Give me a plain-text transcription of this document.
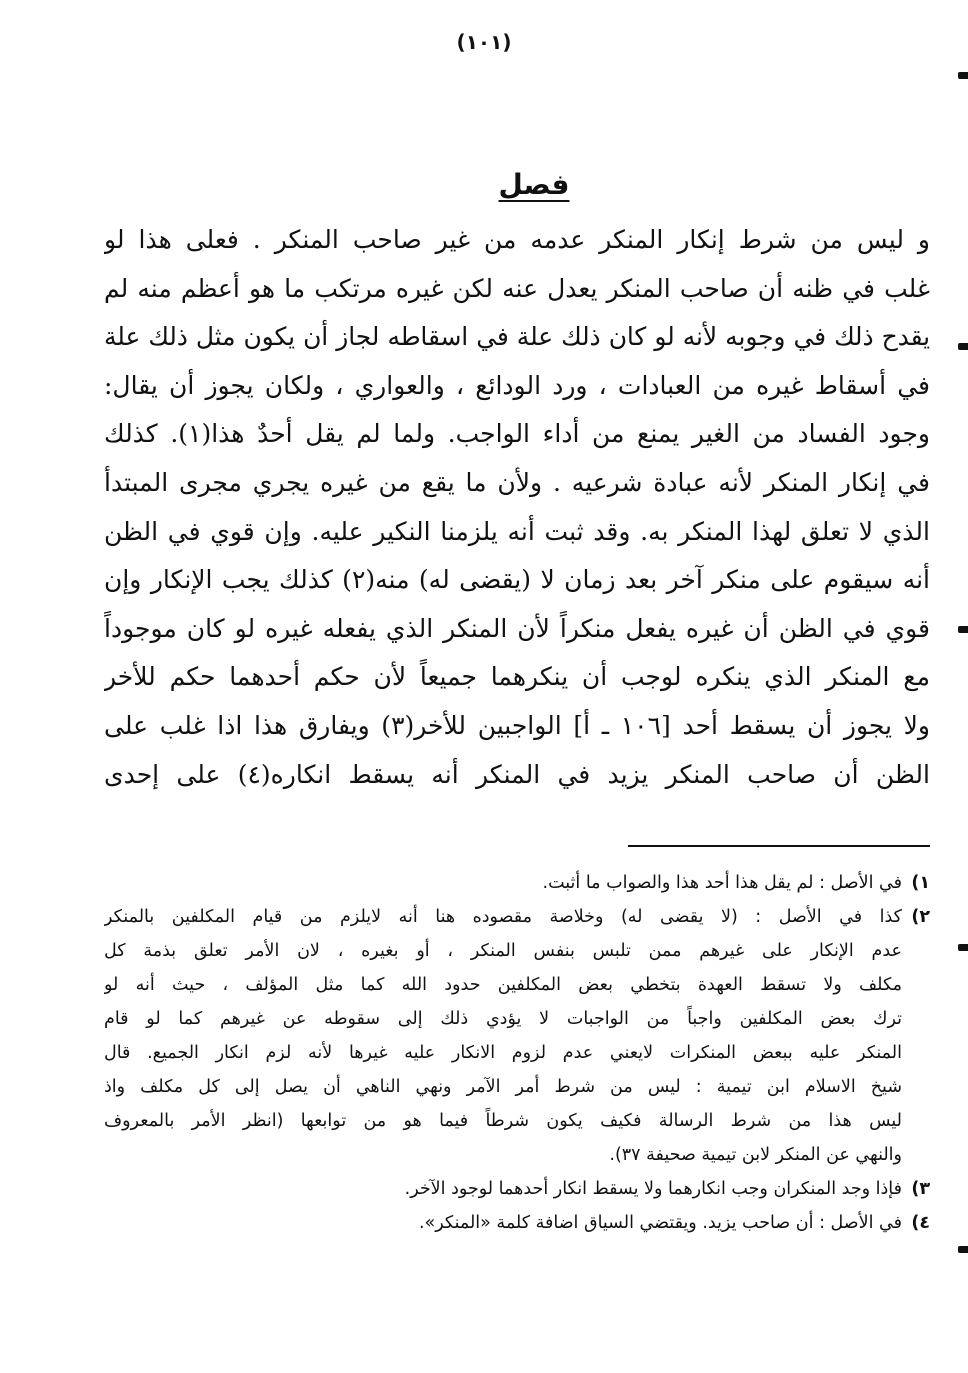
(١٠١)
فصل
و ليس من شرط إنكار المنكر عدمه من غير صاحب المنكر . فعلى هذا لو
غلب في ظنه أن صاحب المنكر يعدل عنه لكن غيره مرتكب ما هو أعظم منه لم
يقدح ذلك في وجوبه لأنه لو كان ذلك علة في اسقاطه لجاز أن يكون مثل ذلك علة
في أسقاط غيره من العبادات ، ورد الودائع ، والعواري ، ولكان يجوز أن يقال:
وجود الفساد من الغير يمنع من أداء الواجب. ولما لم يقل أحدٌ هذا(١). كذلك
في إنكار المنكر لأنه عبادة شرعيه . ولأن ما يقع من غيره يجري مجرى المبتدأ
الذي لا تعلق لهذا المنكر به. وقد ثبت أنه يلزمنا النكير عليه. وإن قوي في الظن
أنه سيقوم على منكر آخر بعد زمان لا (يقضى له) منه(٢) كذلك يجب الإنكار وإن
قوي في الظن أن غيره يفعل منكراً لأن المنكر الذي يفعله غيره لو كان موجوداً
مع المنكر الذي ينكره لوجب أن ينكرهما جميعاً لأن حكم أحدهما حكم للأخر
ولا يجوز أن يسقط أحد [١٠٦ ـ أ] الواجبين للأخر(٣) ويفارق هذا اذا غلب على
الظن أن صاحب المنكر يزيد في المنكر أنه يسقط انكاره(٤) على إحدى
١)
في الأصل : لم يقل هذا أحد هذا والصواب ما أثبت.
٢)
كذا في الأصل : (لا يقضى له) وخلاصة مقصوده هنا أنه لايلزم من قيام المكلفين بالمنكر
عدم الإنكار على غيرهم ممن تلبس بنفس المنكر ، أو بغيره ، لان الأمر تعلق بذمة كل
مكلف ولا تسقط العهدة بتخطي بعض المكلفين حدود الله كما مثل المؤلف ، حيث أنه لو
ترك بعض المكلفين واجباً من الواجبات لا يؤدي ذلك إلى سقوطه عن غيرهم كما لو قام
المنكر عليه ببعض المنكرات لايعني عدم لزوم الانكار عليه غيرها لأنه لزم انكار الجميع. قال
شيخ الاسلام ابن تيمية : ليس من شرط أمر الآمر ونهي الناهي أن يصل إلى كل مكلف واذ
ليس هذا من شرط الرسالة فكيف يكون شرطاً فيما هو من توابعها (انظر الأمر بالمعروف
والنهي عن المنكر لابن تيمية صحيفة ٣٧).
٣)
فإذا وجد المنكران وجب انكارهما ولا يسقط انكار أحدهما لوجود الآخر.
٤)
في الأصل : أن صاحب يزيد. ويقتضي السياق اضافة كلمة «المنكر».
